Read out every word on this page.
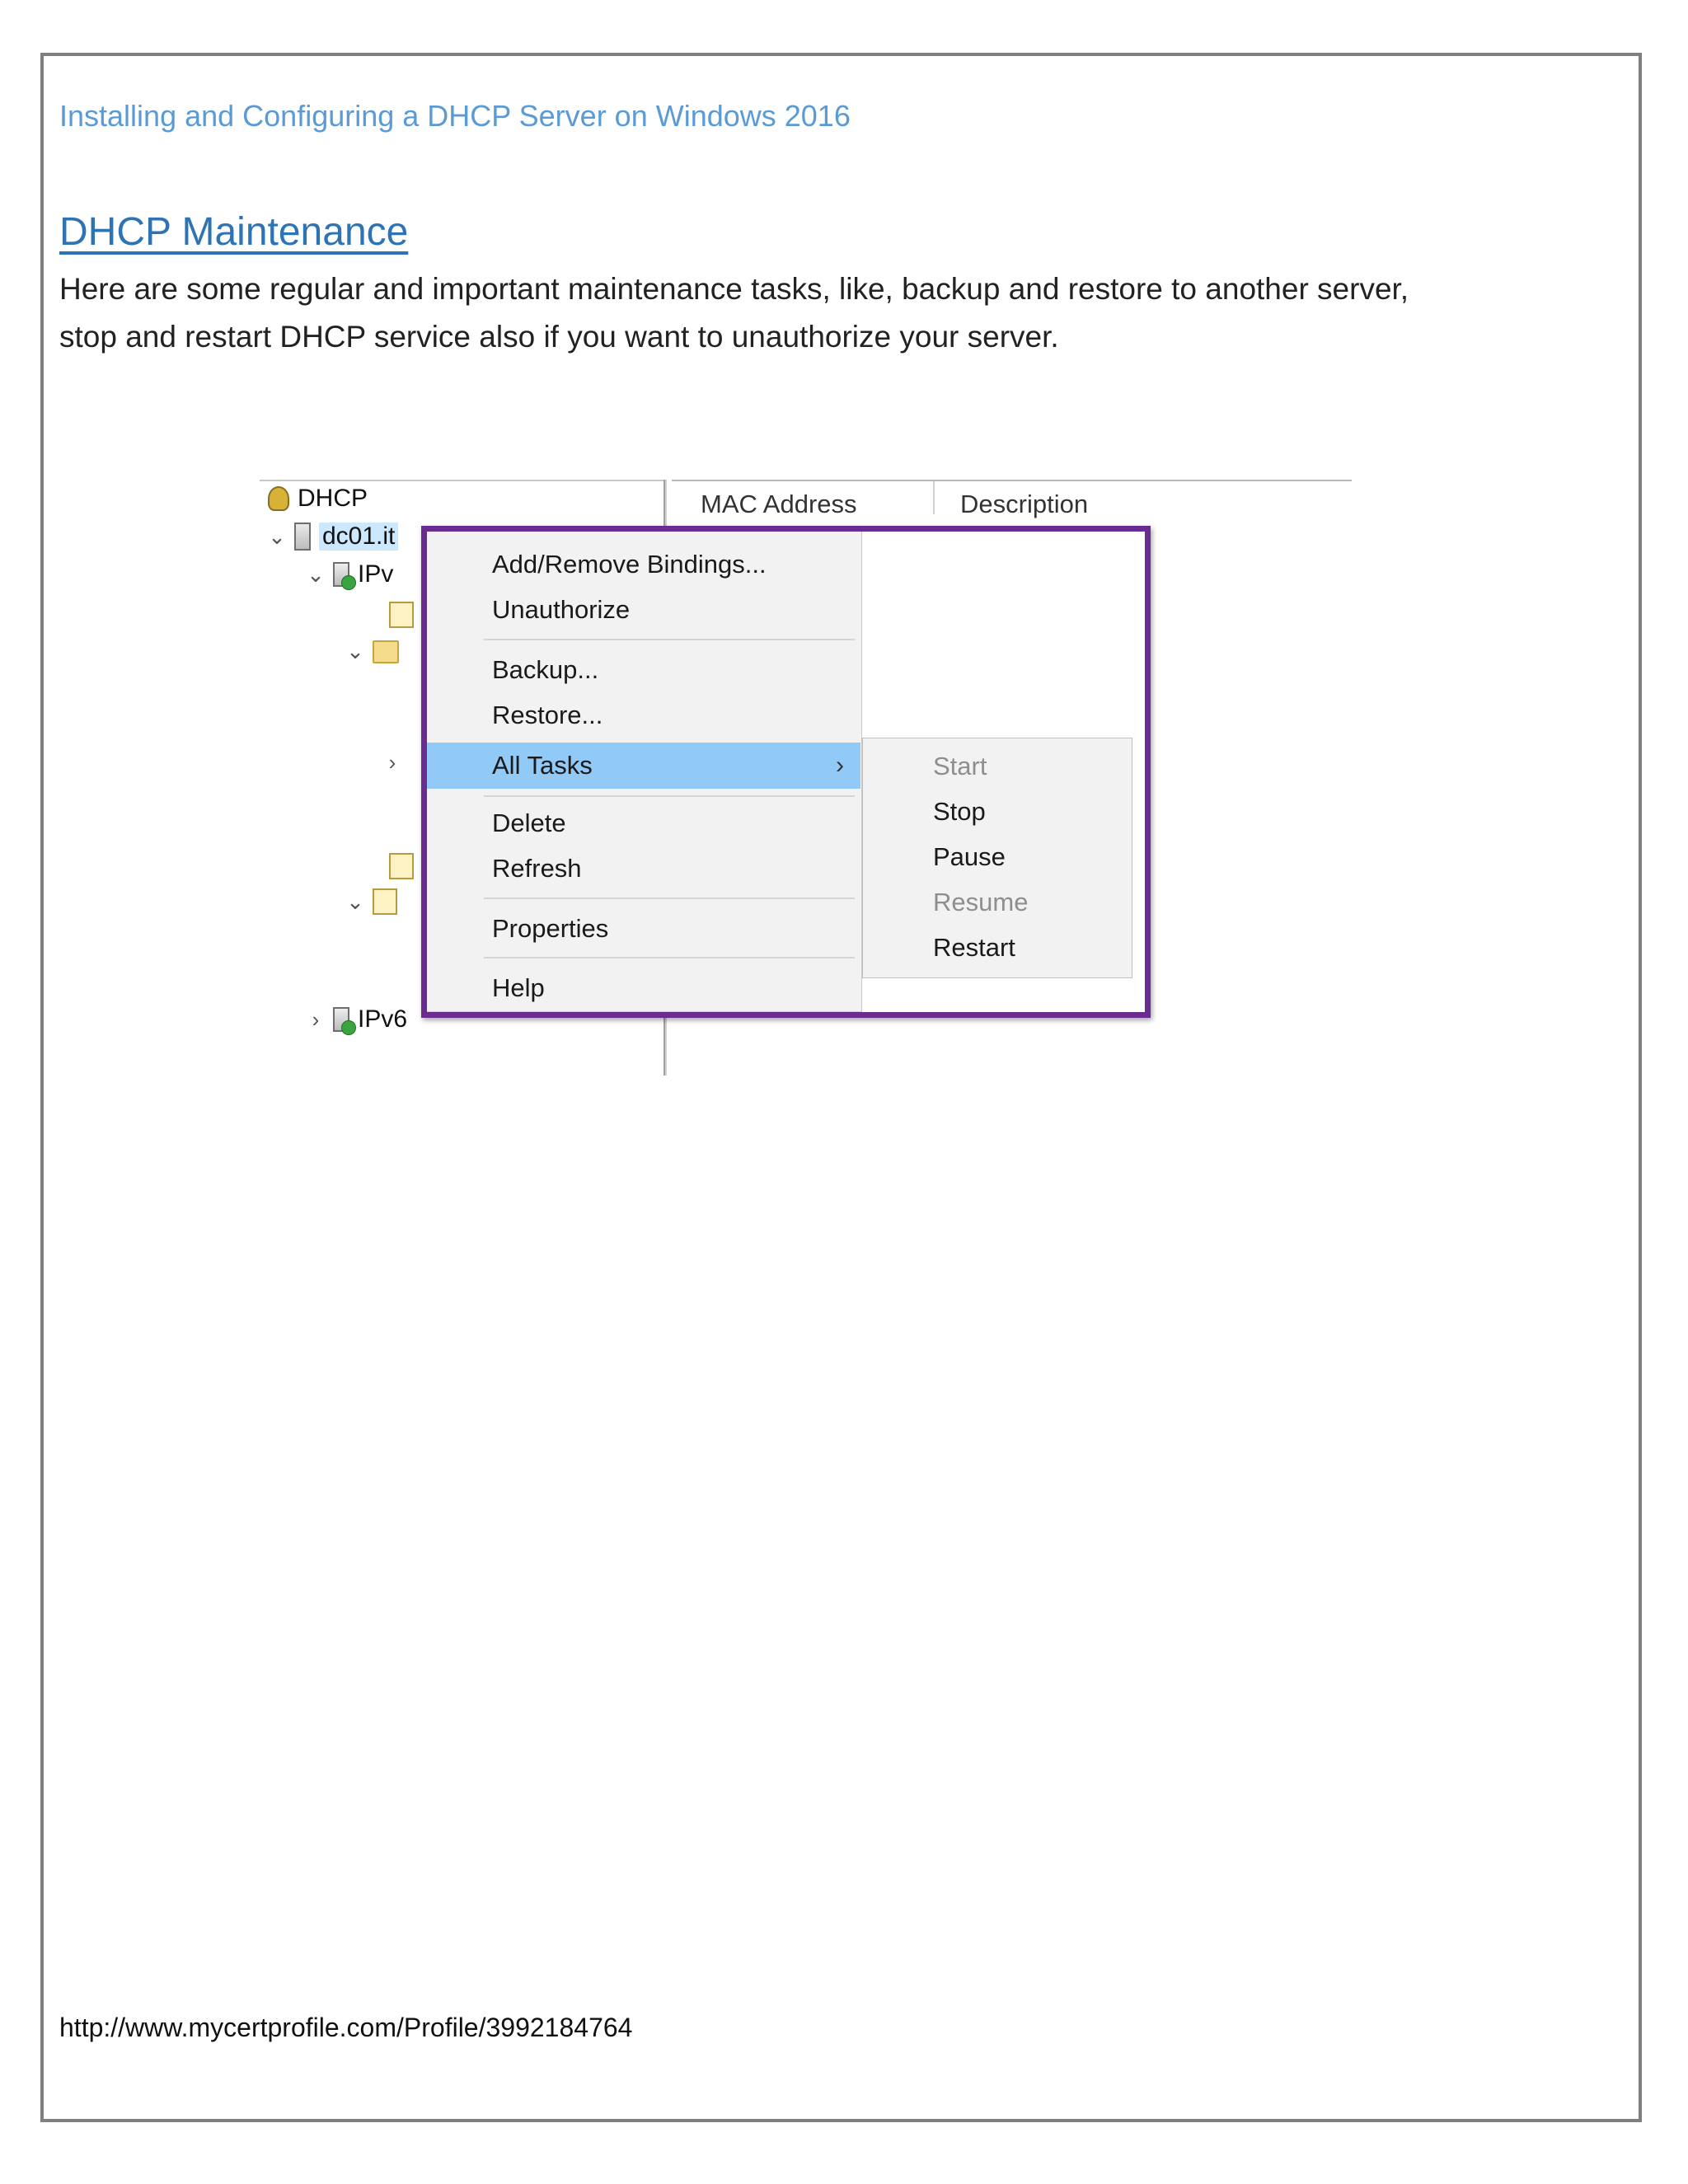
Installing and Configuring a DHCP Server on Windows 2016
DHCP Maintenance
Here are some regular and important maintenance tasks, like, backup and restore to another server,
stop and restart DHCP service also if you want to unauthorize your server.
DHCP
⌄ dc01.it
⌄ IPv
⌄
›
⌄
› IPv6
MAC Address	Description
Add/Remove Bindings...
Unauthorize
Backup...
Restore...
All Tasks	›
Delete
Refresh
Properties
Help
Start
Stop
Pause
Resume
Restart
http://www.mycertprofile.com/Profile/3992184764
